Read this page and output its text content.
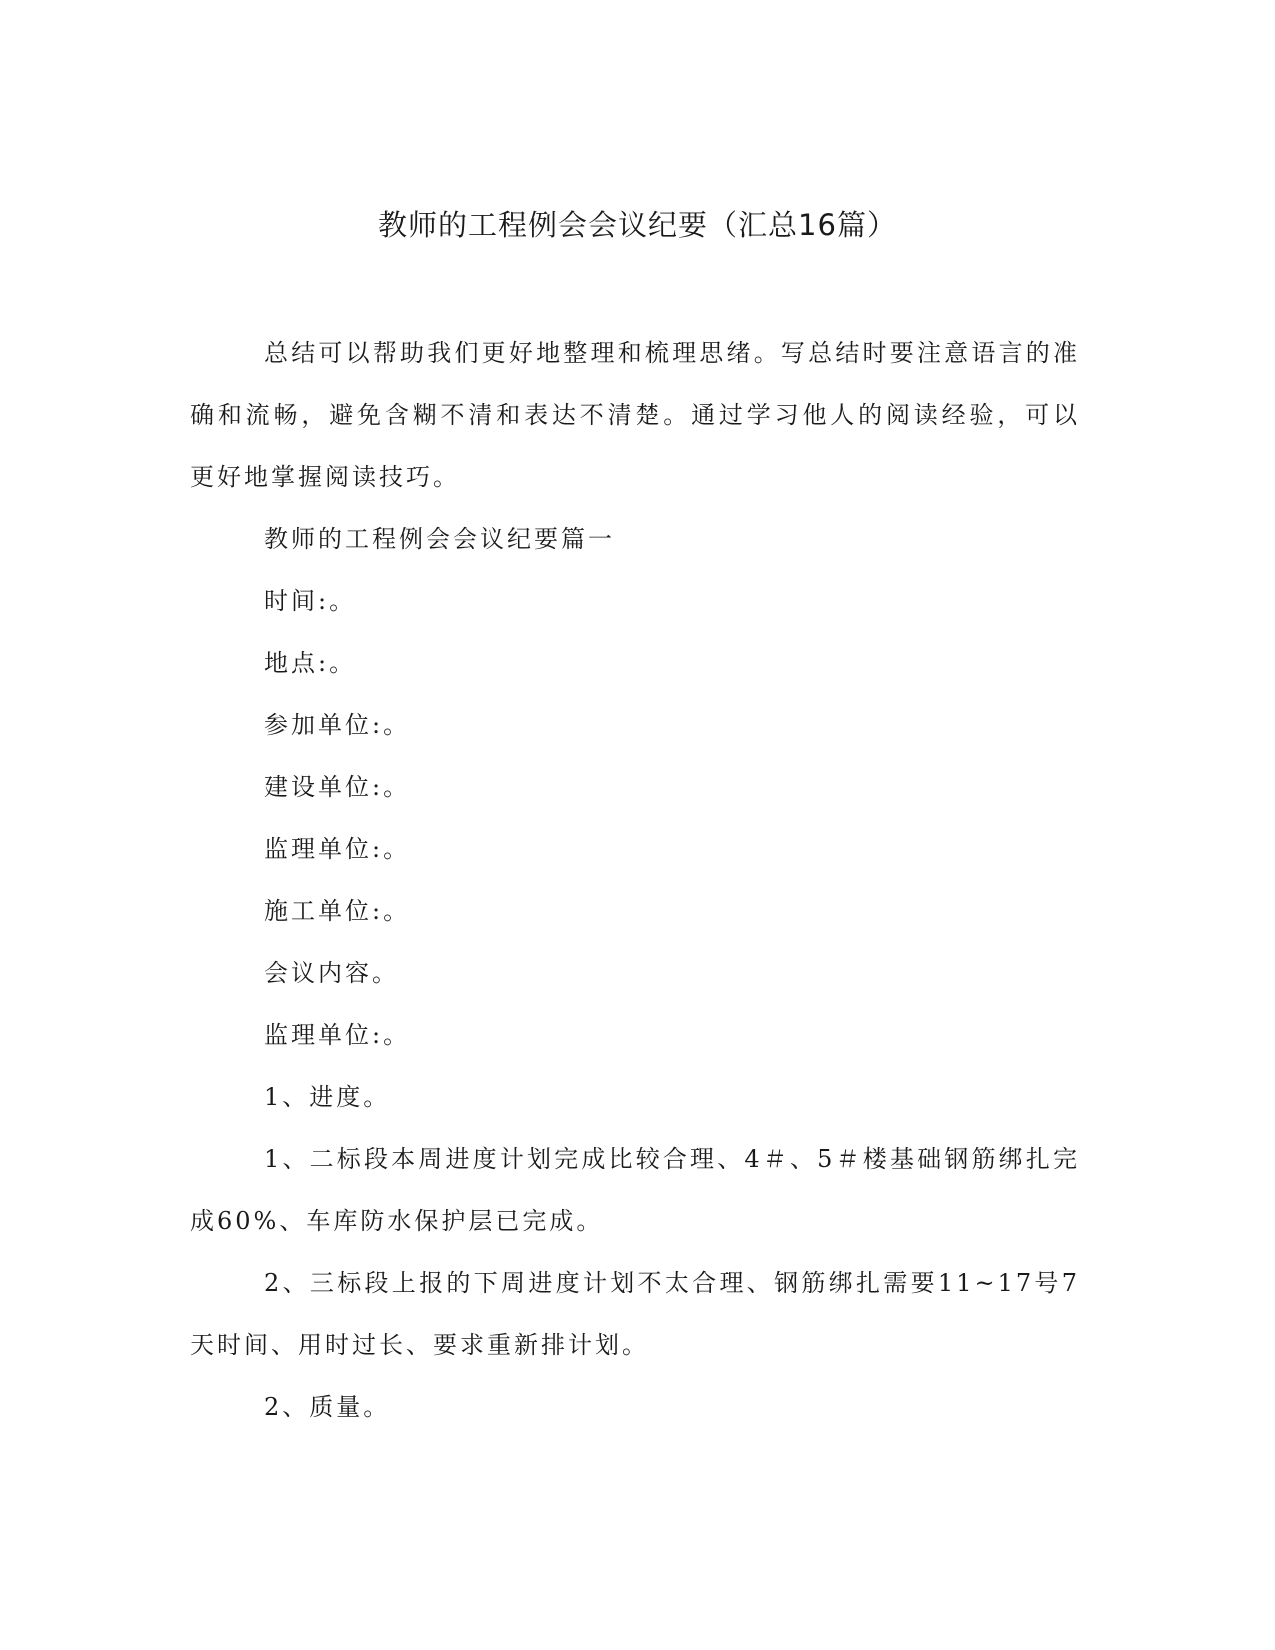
教师的工程例会会议纪要（汇总16篇）

总结可以帮助我们更好地整理和梳理思绪。写总结时要注意语言的准确和流畅，避免含糊不清和表达不清楚。通过学习他人的阅读经验，可以更好地掌握阅读技巧。

教师的工程例会会议纪要篇一

时间:。

地点:。

参加单位:。

建设单位:。

监理单位:。

施工单位:。

会议内容。

监理单位:。

1、进度。

1、二标段本周进度计划完成比较合理、4＃、5＃楼基础钢筋绑扎完成60%、车库防水保护层已完成。

2、三标段上报的下周进度计划不太合理、钢筋绑扎需要11~17号7天时间、用时过长、要求重新排计划。

2、质量。
